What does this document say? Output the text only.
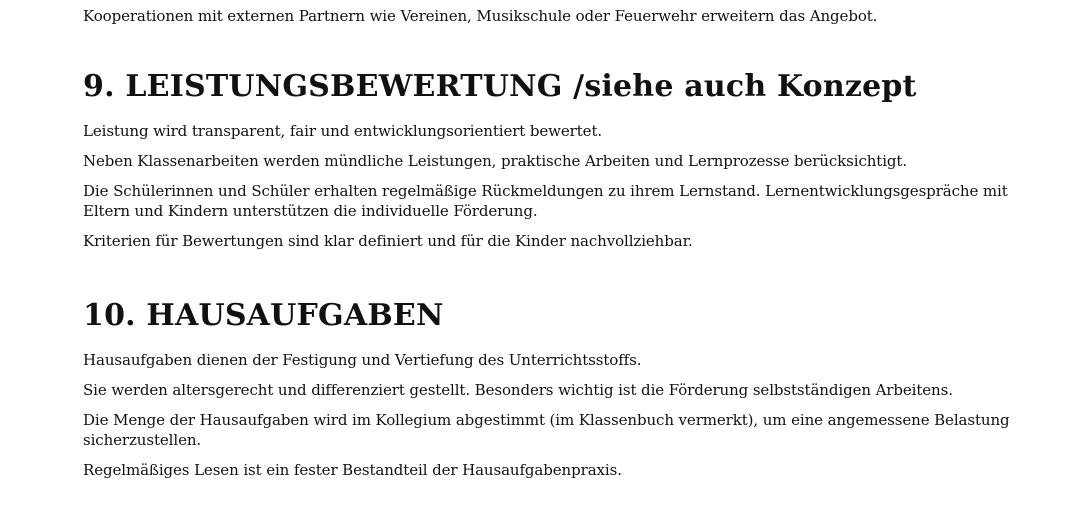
Kooperationen mit externen Partnern wie Vereinen, Musikschule oder Feuerwehr erweitern das Angebot.

9. LEISTUNGSBEWERTUNG /siehe auch Konzept

Leistung wird transparent, fair und entwicklungsorientiert bewertet.

Neben Klassenarbeiten werden mündliche Leistungen, praktische Arbeiten und Lernprozesse berücksichtigt.

Die Schülerinnen und Schüler erhalten regelmäßige Rückmeldungen zu ihrem Lernstand. Lernentwicklungsgespräche mit Eltern und Kindern unterstützen die individuelle Förderung.

Kriterien für Bewertungen sind klar definiert und für die Kinder nachvollziehbar.

10. HAUSAUFGABEN

Hausaufgaben dienen der Festigung und Vertiefung des Unterrichtsstoffs.

Sie werden altersgerecht und differenziert gestellt. Besonders wichtig ist die Förderung selbstständigen Arbeitens.

Die Menge der Hausaufgaben wird im Kollegium abgestimmt (im Klassenbuch vermerkt), um eine angemessene Belastung sicherzustellen.

Regelmäßiges Lesen ist ein fester Bestandteil der Hausaufgabenpraxis.
